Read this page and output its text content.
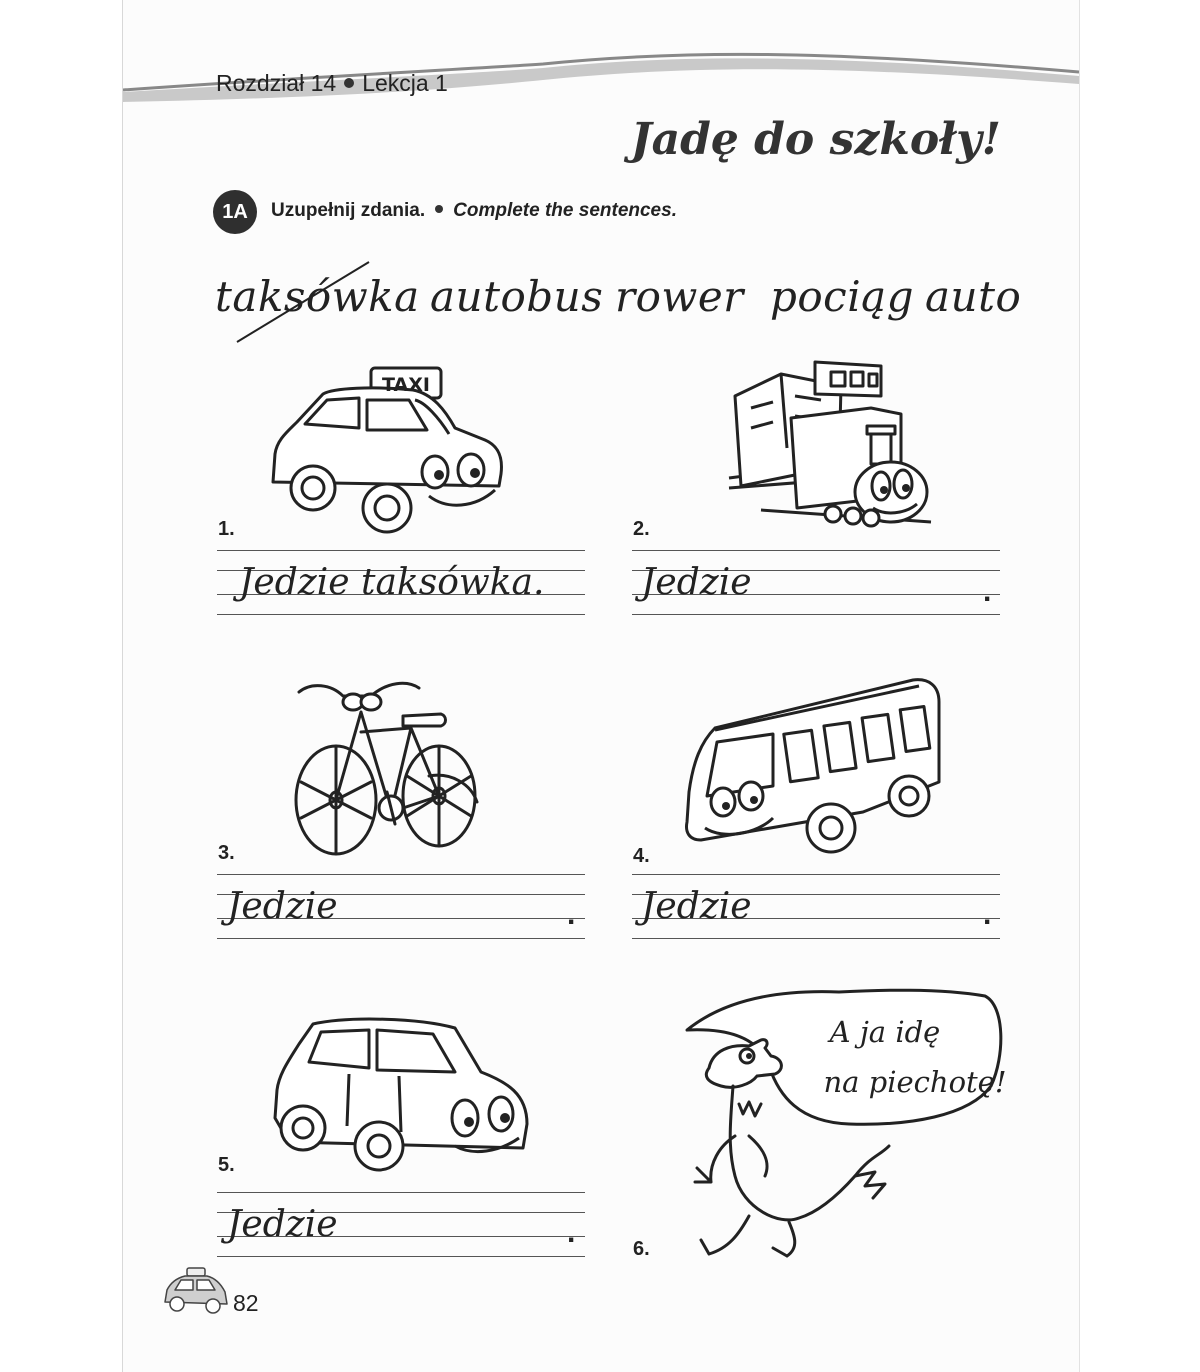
Rozdział 14 Lekcja 1
Jadę do szkoły!
1A	Uzupełnij zdania. Complete the sentences.
taksówka autobus rower pociąg auto
TAXI
1.
Jedzie taksówka.
2.
Jedzie	.
3.
Jedzie	.
4.
Jedzie	.
5.
Jedzie	.
A ja idę
na piechotę!
6.
82
